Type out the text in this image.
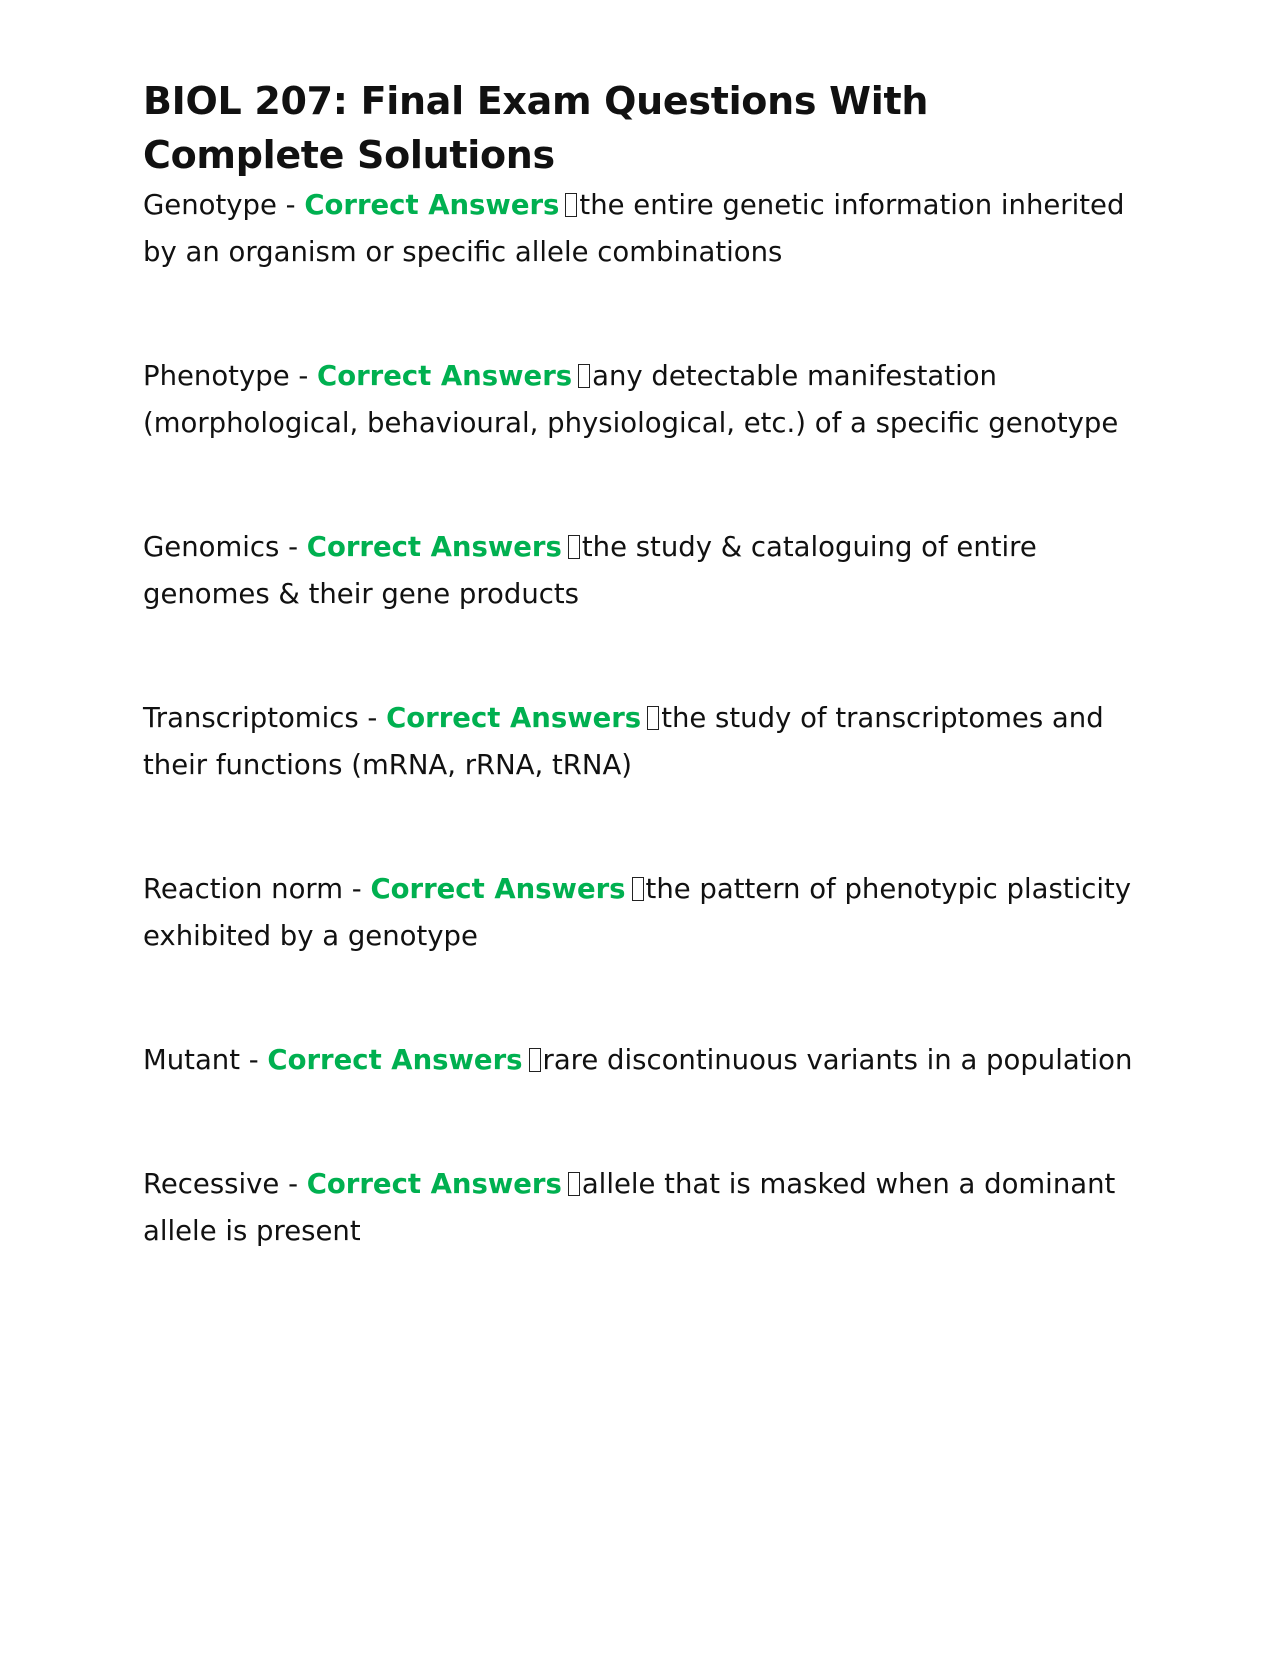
BIOL 207: Final Exam Questions With Complete Solutions

Genotype - Correct Answers the entire genetic information inherited by an organism or specific allele combinations

Phenotype - Correct Answers any detectable manifestation (morphological, behavioural, physiological, etc.) of a specific genotype

Genomics - Correct Answers the study & cataloguing of entire genomes & their gene products

Transcriptomics - Correct Answers the study of transcriptomes and their functions (mRNA, rRNA, tRNA)

Reaction norm - Correct Answers the pattern of phenotypic plasticity exhibited by a genotype

Mutant - Correct Answers rare discontinuous variants in a population

Recessive - Correct Answers allele that is masked when a dominant allele is present
